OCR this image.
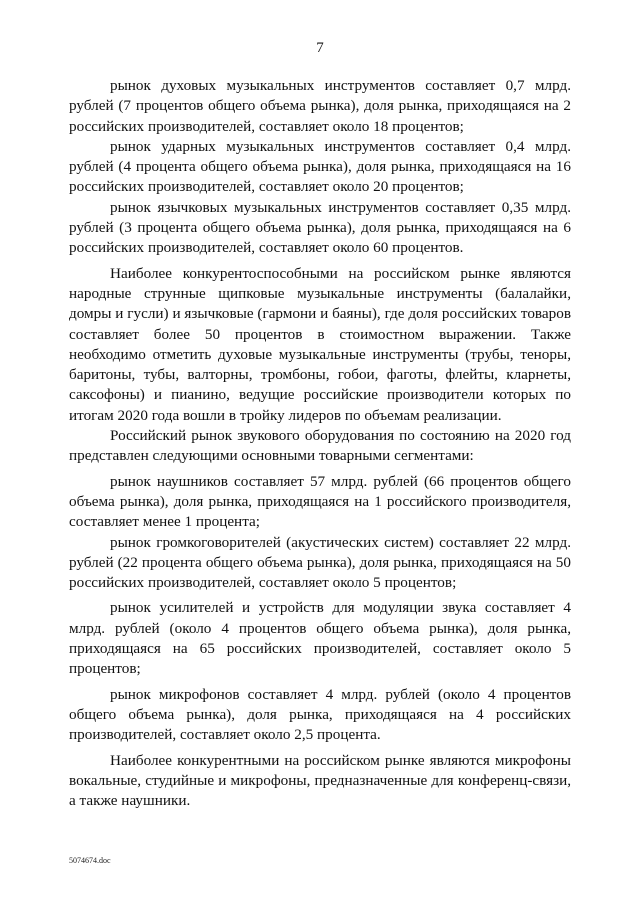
7

рынок духовых музыкальных инструментов составляет 0,7 млрд. рублей (7 процентов общего объема рынка), доля рынка, приходящаяся на 2 российских производителей, составляет около 18 процентов;

рынок ударных музыкальных инструментов составляет 0,4 млрд. рублей (4 процента общего объема рынка), доля рынка, приходящаяся на 16 российских производителей, составляет около 20 процентов;

рынок язычковых музыкальных инструментов составляет 0,35 млрд. рублей (3 процента общего объема рынка), доля рынка, приходящаяся на 6 российских производителей, составляет около 60 процентов.

Наиболее конкурентоспособными на российском рынке являются народные струнные щипковые музыкальные инструменты (балалайки, домры и гусли) и язычковые (гармони и баяны), где доля российских товаров составляет более 50 процентов в стоимостном выражении. Также необходимо отметить духовые музыкальные инструменты (трубы, теноры, баритоны, тубы, валторны, тромбоны, гобои, фаготы, флейты, кларнеты, саксофоны) и пианино, ведущие российские производители которых по итогам 2020 года вошли в тройку лидеров по объемам реализации.

Российский рынок звукового оборудования по состоянию на 2020 год представлен следующими основными товарными сегментами:

рынок наушников составляет 57 млрд. рублей (66 процентов общего объема рынка), доля рынка, приходящаяся на 1 российского производителя, составляет менее 1 процента;

рынок громкоговорителей (акустических систем) составляет 22 млрд. рублей (22 процента общего объема рынка), доля рынка, приходящаяся на 50 российских производителей, составляет около 5 процентов;

рынок усилителей и устройств для модуляции звука составляет 4 млрд. рублей (около 4 процентов общего объема рынка), доля рынка, приходящаяся на 65 российских производителей, составляет около 5 процентов;

рынок микрофонов составляет 4 млрд. рублей (около 4 процентов общего объема рынка), доля рынка, приходящаяся на 4 российских производителей, составляет около 2,5 процента.

Наиболее конкурентными на российском рынке являются микрофоны вокальные, студийные и микрофоны, предназначенные для конференц-связи, а также наушники.

5074674.doc
